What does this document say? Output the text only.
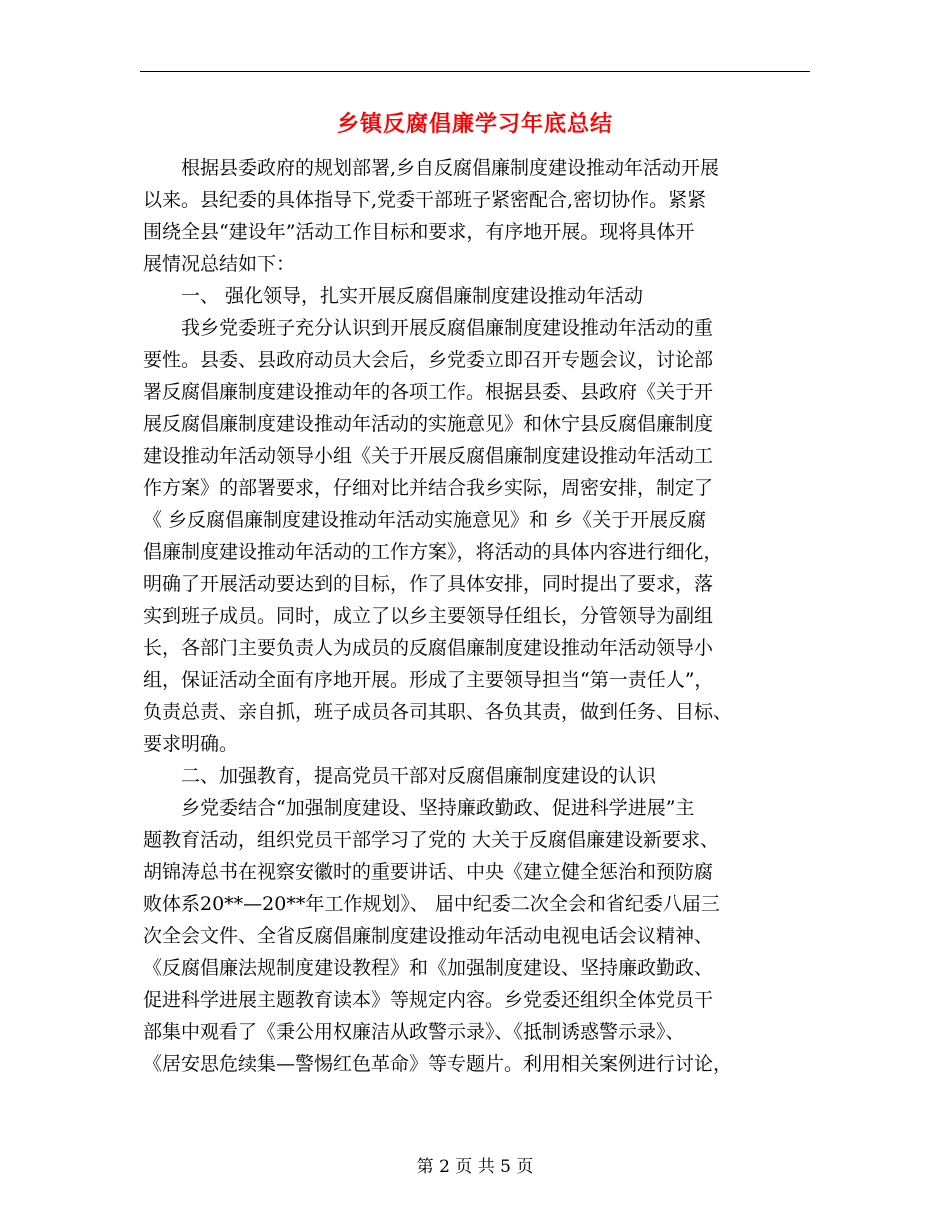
乡镇反腐倡廉学习年底总结
根据县委政府的规划部署,乡自反腐倡廉制度建设推动年活动开展
以来。县纪委的具体指导下,党委干部班子紧密配合,密切协作。紧紧
围绕全县“建设年”活动工作目标和要求，有序地开展。现将具体开
展情况总结如下：
一、 强化领导，扎实开展反腐倡廉制度建设推动年活动
我乡党委班子充分认识到开展反腐倡廉制度建设推动年活动的重
要性。县委、县政府动员大会后，乡党委立即召开专题会议，讨论部
署反腐倡廉制度建设推动年的各项工作。根据县委、县政府《关于开
展反腐倡廉制度建设推动年活动的实施意见》和休宁县反腐倡廉制度
建设推动年活动领导小组《关于开展反腐倡廉制度建设推动年活动工
作方案》的部署要求，仔细对比并结合我乡实际，周密安排，制定了
《 乡反腐倡廉制度建设推动年活动实施意见》和 乡《关于开展反腐
倡廉制度建设推动年活动的工作方案》，将活动的具体内容进行细化，
明确了开展活动要达到的目标，作了具体安排，同时提出了要求，落
实到班子成员。同时，成立了以乡主要领导任组长，分管领导为副组
长，各部门主要负责人为成员的反腐倡廉制度建设推动年活动领导小
组，保证活动全面有序地开展。形成了主要领导担当“第一责任人”，
负责总责、亲自抓，班子成员各司其职、各负其责，做到任务、目标、
要求明确。
二、加强教育，提高党员干部对反腐倡廉制度建设的认识
乡党委结合“加强制度建设、坚持廉政勤政、促进科学进展”主
题教育活动，组织党员干部学习了党的 大关于反腐倡廉建设新要求、
胡锦涛总书在视察安徽时的重要讲话、中央《建立健全惩治和预防腐
败体系20**—20**年工作规划》、 届中纪委二次全会和省纪委八届三
次全会文件、全省反腐倡廉制度建设推动年活动电视电话会议精神、
《反腐倡廉法规制度建设教程》和《加强制度建设、坚持廉政勤政、
促进科学进展主题教育读本》等规定内容。乡党委还组织全体党员干
部集中观看了《秉公用权廉洁从政警示录》、《抵制诱惑警示录》、
《居安思危续集—警惕红色革命》等专题片。利用相关案例进行讨论，
第 2 页 共 5 页
